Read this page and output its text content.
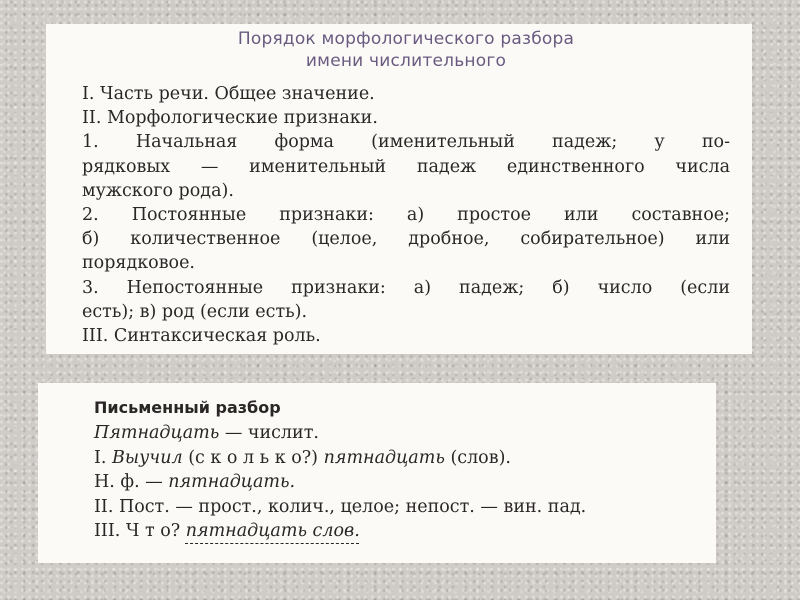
Порядок морфологического разбора
имени числительного
I. Часть речи. Общее значение.
II. Морфологические признаки.
1. Начальная форма (именительный падеж; у по-
рядковых — именительный падеж единственного числа
мужского рода).
2. Постоянные признаки: а) простое или составное;
б) количественное (целое, дробное, собирательное) или
порядковое.
3. Непостоянные признаки: а) падеж; б) число (если
есть); в) род (если есть).
III. Синтаксическая роль.
Письменный разбор
Пятнадцать — числит.
I. Выучил (с к о л ь к о?) пятнадцать (слов).
Н. ф. — пятнадцать.
II. Пост. — прост., колич., целое; непост. — вин. пад.
III. Ч т о? пятнадцать слов.
